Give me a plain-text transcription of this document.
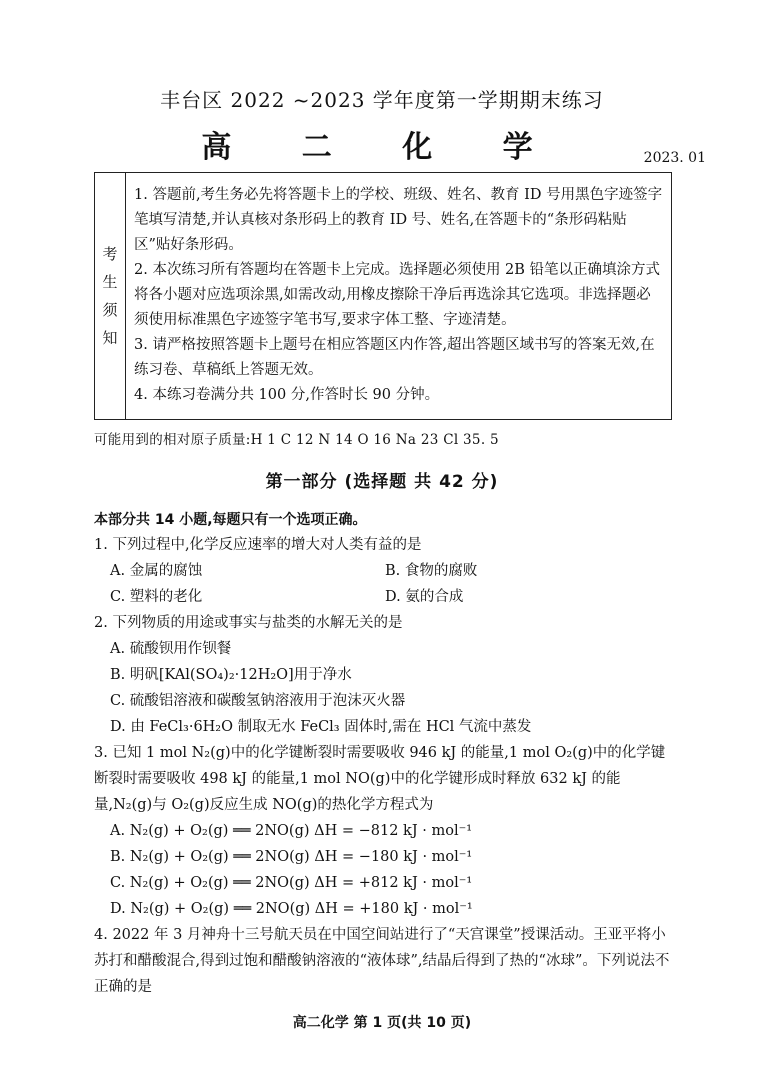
丰台区 2022 ~2023 学年度第一学期期末练习
高 二 化 学	2023. 01
考
生
须
知

1. 答题前,考生务必先将答题卡上的学校、班级、姓名、教育 ID 号用黑色字迹签字笔填写清楚,并认真核对条形码上的教育 ID 号、姓名,在答题卡的“条形码粘贴区”贴好条形码。

2. 本次练习所有答题均在答题卡上完成。选择题必须使用 2B 铅笔以正确填涂方式将各小题对应选项涂黑,如需改动,用橡皮擦除干净后再选涂其它选项。非选择题必须使用标准黑色字迹签字笔书写,要求字体工整、字迹清楚。

3. 请严格按照答题卡上题号在相应答题区内作答,超出答题区域书写的答案无效,在练习卷、草稿纸上答题无效。

4. 本练习卷满分共 100 分,作答时长 90 分钟。

可能用到的相对原子质量:H 1 C 12 N 14 O 16 Na 23 Cl 35. 5
第一部分 (选择题 共 42 分)
本部分共 14 小题,每题只有一个选项正确。

1. 下列过程中,化学反应速率的增大对人类有益的是

A. 金属的腐蚀	B. 食物的腐败
C. 塑料的老化	D. 氨的合成

2. 下列物质的用途或事实与盐类的水解无关的是

A. 硫酸钡用作钡餐

B. 明矾[KAl(SO₄)₂·12H₂O]用于净水

C. 硫酸铝溶液和碳酸氢钠溶液用于泡沫灭火器

D. 由 FeCl₃·6H₂O 制取无水 FeCl₃ 固体时,需在 HCl 气流中蒸发

3. 已知 1 mol N₂(g)中的化学键断裂时需要吸收 946 kJ 的能量,1 mol O₂(g)中的化学键断裂时需要吸收 498 kJ 的能量,1 mol NO(g)中的化学键形成时释放 632 kJ 的能量,N₂(g)与 O₂(g)反应生成 NO(g)的热化学方程式为

A. N₂(g) + O₂(g) ══ 2NO(g) ΔH = −812 kJ · mol⁻¹

B. N₂(g) + O₂(g) ══ 2NO(g) ΔH = −180 kJ · mol⁻¹

C. N₂(g) + O₂(g) ══ 2NO(g) ΔH = +812 kJ · mol⁻¹

D. N₂(g) + O₂(g) ══ 2NO(g) ΔH = +180 kJ · mol⁻¹

4. 2022 年 3 月神舟十三号航天员在中国空间站进行了“天宫课堂”授课活动。王亚平将小苏打和醋酸混合,得到过饱和醋酸钠溶液的“液体球”,结晶后得到了热的“冰球”。下列说法不正确的是

高二化学 第 1 页(共 10 页)
